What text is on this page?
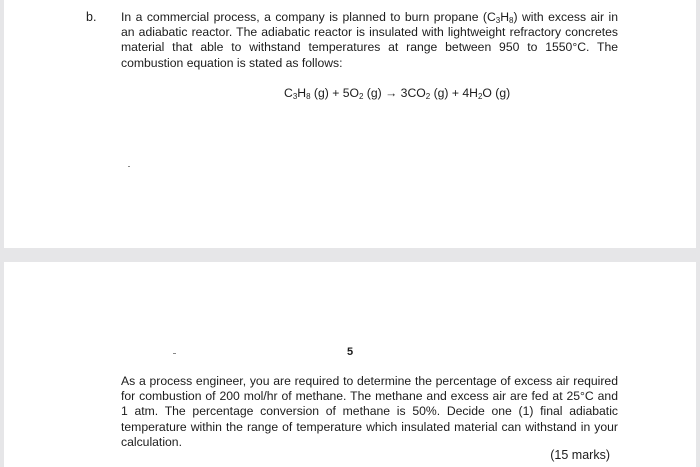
b. In a commercial process, a company is planned to burn propane $(C_3H_8)$ with excess air in an adiabatic reactor. The adiabatic reactor is insulated with lightweight refractory concretes material that able to withstand temperatures at range between 950 to 1550°C. The combustion equation is stated as follows:

$C_3H_8$ $(g) + 5O_2$ $(g) \to 3CO_2$ $(g) + 4H_2O$ (g)
5

As a process engineer, you are required to determine the percentage of excess air required for combustion of 200 mol/hr of methane. The methane and excess air are fed at 25°C and 1 atm. The percentage conversion of methane is 50%. Decide one (1) final adiabatic temperature within the range of temperature which insulated material can withstand in your calculation.

(15 marks)
